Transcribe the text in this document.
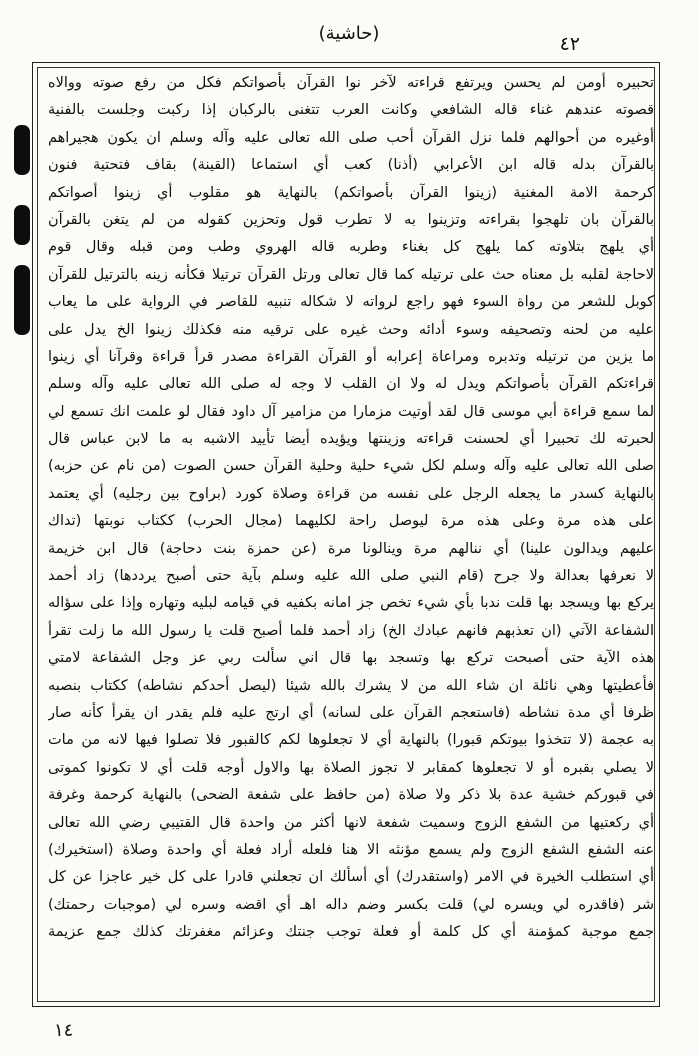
(حاشية)	٤٢
تحبيره أومن لم يحسن ويرتفع قراءته لآخر نوا القرآن بأصواتكم فكل من رفع صوته ووالاه
قصوته عندهم غناء قاله الشافعي وكانت العرب تتغنى بالركبان إذا ركبت وجلست بالفنية
أوغيره من أحوالهم فلما نزل القرآن أحب صلى الله تعالى عليه وآله وسلم ان يكون هجيراهم
بالقرآن بدله قاله ابن الأعرابي (أذنا) كعب أي استماعا (القينة) بقاف فتحتية فنون
كرحمة الامة المغنية (زينوا القرآن بأصواتكم) بالنهاية هو مقلوب أي زينوا أصواتكم
بالقرآن بان تلهجوا بقراءته وتزينوا به لا تطرب قول وتحزين كقوله من لم يتغن بالقرآن
أي يلهج بتلاوته كما يلهج كل بغناء وطربه قاله الهروي وطب ومن قبله وقال قوم
لاحاجة لقلبه بل معناه حث على ترتيله كما قال تعالى ورتل القرآن ترتيلا فكأنه زينه بالترتيل للقرآن
كوبل للشعر من رواة السوء فهو راجع لرواته لا شكاله تنبيه للقاصر في الرواية على ما يعاب
عليه من لحنه وتصحيفه وسوء أدائه وحث غيره على ترقيه منه فكذلك زينوا الخ يدل على
ما يزين من ترتيله وتدبره ومراعاة إعرابه أو القرآن القراءة مصدر قرأ قراءة وقرآنا أي زينوا
قراءتكم القرآن بأصواتكم ويدل له ولا ان القلب لا وجه له صلى الله تعالى عليه وآله وسلم
لما سمع قراءة أبي موسى قال لقد أوتيت مزمارا من مزامير آل داود فقال لو علمت انك تسمع لي
لحبرته لك تحبيرا أي لحسنت قراءته وزينتها ويؤيده أيضا تأييد الاشبه به ما لابن عباس قال
صلى الله تعالى عليه وآله وسلم لكل شيء حلية وحلية القرآن حسن الصوت (من نام عن حزبه)
بالنهاية كسدر ما يجعله الرجل على نفسه من قراءة وصلاة كورد (براوح بين رجليه) أي يعتمد
على هذه مرة وعلى هذه مرة ليوصل راحة لكليهما (مجال الحرب) ككتاب نوبتها (تداك
عليهم ويدالون علينا) أي ننالهم مرة وينالونا مرة (عن حمزة بنت دحاجة) قال ابن خزيمة
لا نعرفها بعدالة ولا جرح (قام النبي صلى الله عليه وسلم بآية حتى أصبح يرددها) زاد أحمد
يركع بها ويسجد بها قلت ندبا بأي شيء تخص جز امانه بكفيه في قيامه لبليه وتهاره وإذا على سؤاله
الشفاعة الآتي (ان تعذبهم فانهم عبادك الخ) زاد أحمد فلما أصبح قلت يا رسول الله ما زلت تقرأ
هذه الآية حتى أصبحت تركع بها وتسجد بها قال اني سألت ربي عز وجل الشفاعة لامتي
فأعطيتها وهي نائلة ان شاء الله من لا يشرك بالله شيئا (ليصل أحدكم نشاطه) ككتاب بنصبه
ظرفا أي مدة نشاطه (فاستعجم القرآن على لسانه) أي ارتج عليه فلم يقدر ان يقرأ كأنه صار
به عجمة (لا تتخذوا بيوتكم قبورا) بالنهاية أي لا تجعلوها لكم كالقبور فلا تصلوا فيها لانه من مات
لا يصلي بقبره أو لا تجعلوها كمقابر لا تجوز الصلاة بها والاول أوجه قلت أي لا تكونوا كموتى
في قبوركم خشية عدة بلا ذكر ولا صلاة (من حافظ على شفعة الضحى) بالنهاية كرحمة وغرفة
أي ركعتيها من الشفع الزوج وسميت شفعة لانها أكثر من واحدة قال القتيبي رضي الله تعالى
عنه الشفع الشفع الزوج ولم يسمع مؤنثه الا هنا فلعله أراد فعلة أي واحدة وصلاة (استخيرك)
أي استطلب الخيرة في الامر (واستقدرك) أي أسألك ان تجعلني قادرا على كل خير عاجزا عن كل
شر (فاقدره لي ويسره لي) قلت بكسر وضم داله اهـ أي اقضه وسره لي (موجبات رحمتك)
جمع موجبة كمؤمنة أي كل كلمة أو فعلة توجب جنتك وعزائم مغفرتك كذلك جمع عزيمة
١٤
